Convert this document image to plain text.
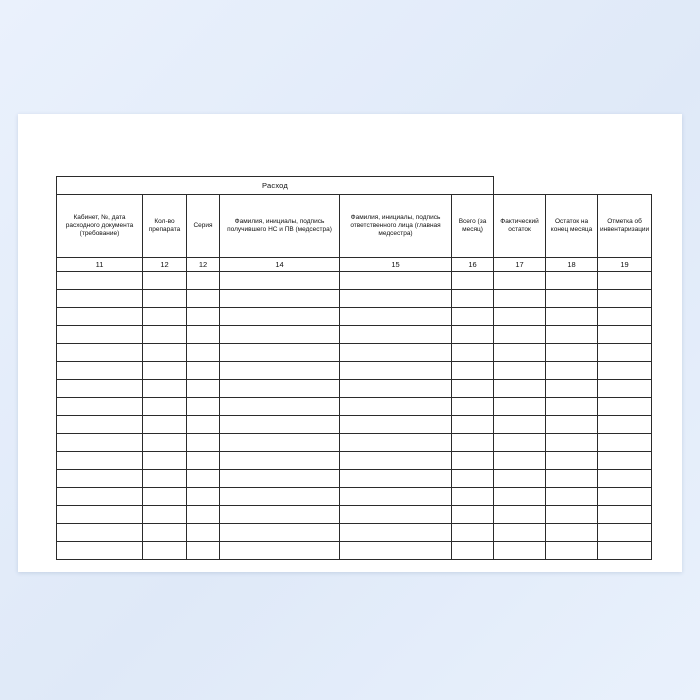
Расход								

Кабинет, №, дата расходного документа (требование)	Кол-во препарата	Серия	Фамилия, инициалы, подпись получившего НС и ПВ (медсестра)	Фамилия, инициалы, подпись ответственного лица (главная медсестра)	Всего (за месяц)	Фактический остаток	Остаток на конец месяца	Отметка об инвентаризации

11	12	12	14	15	16	17	18	19
